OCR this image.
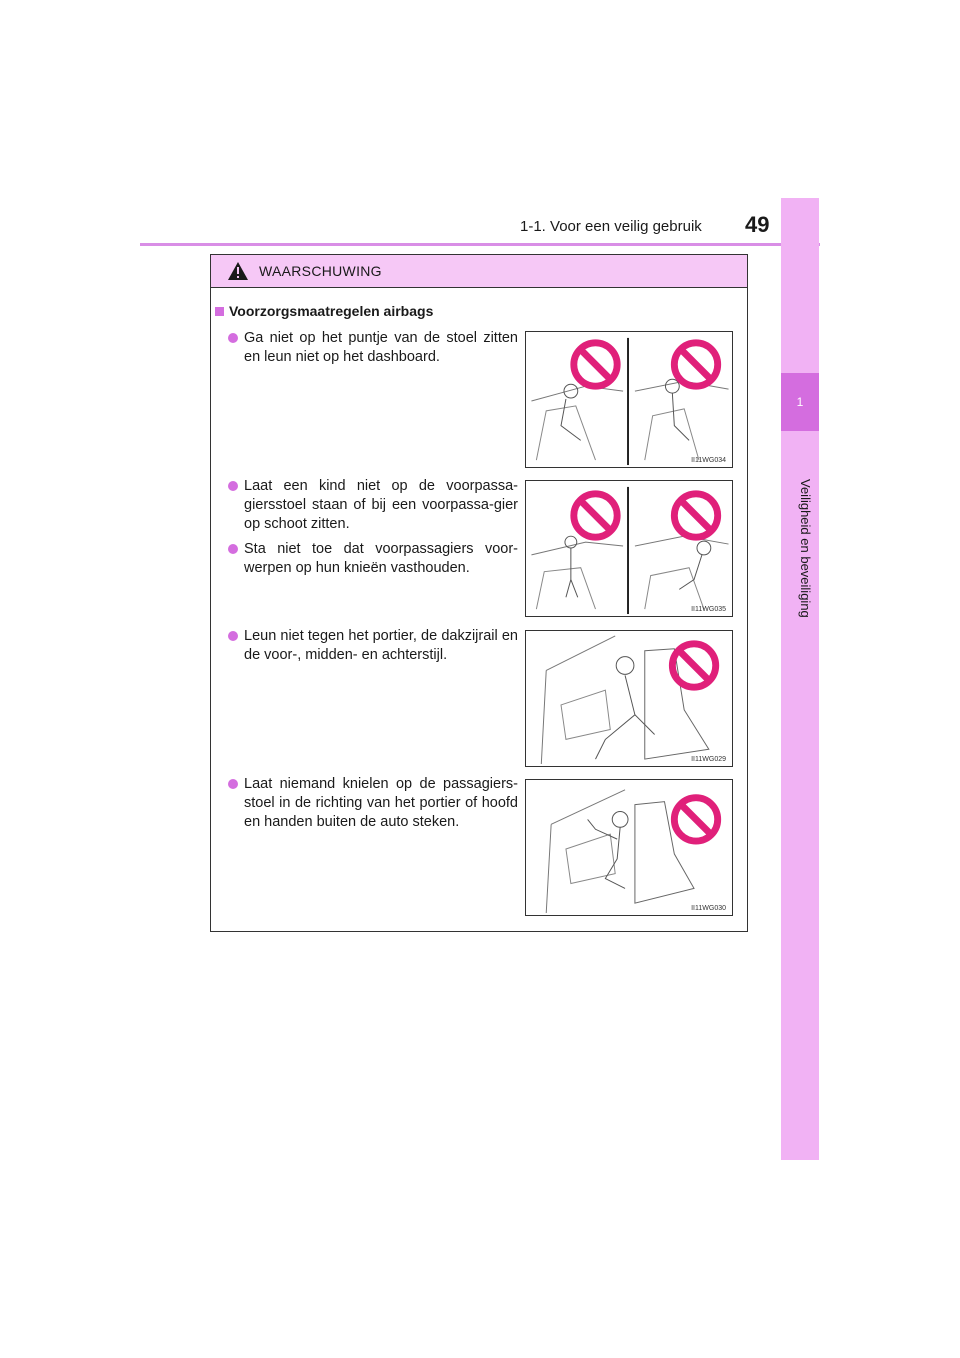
1-1. Voor een veilig gebruik 49
1
Veiligheid en beveiliging
WAARSCHUWING
Voorzorgsmaatregelen airbags
Ga niet op het puntje van de stoel zitten en leun niet op het dashboard.
II11WG034
Laat een kind niet op de voorpassa-giersstoel staan of bij een voorpassa-gier op schoot zitten.
Sta niet toe dat voorpassagiers voor-werpen op hun knieën vasthouden.
II11WG035
Leun niet tegen het portier, de dakzijrail en de voor-, midden- en achterstijl.
II11WG029
Laat niemand knielen op de passagiers-stoel in de richting van het portier of hoofd en handen buiten de auto steken.
II11WG030
